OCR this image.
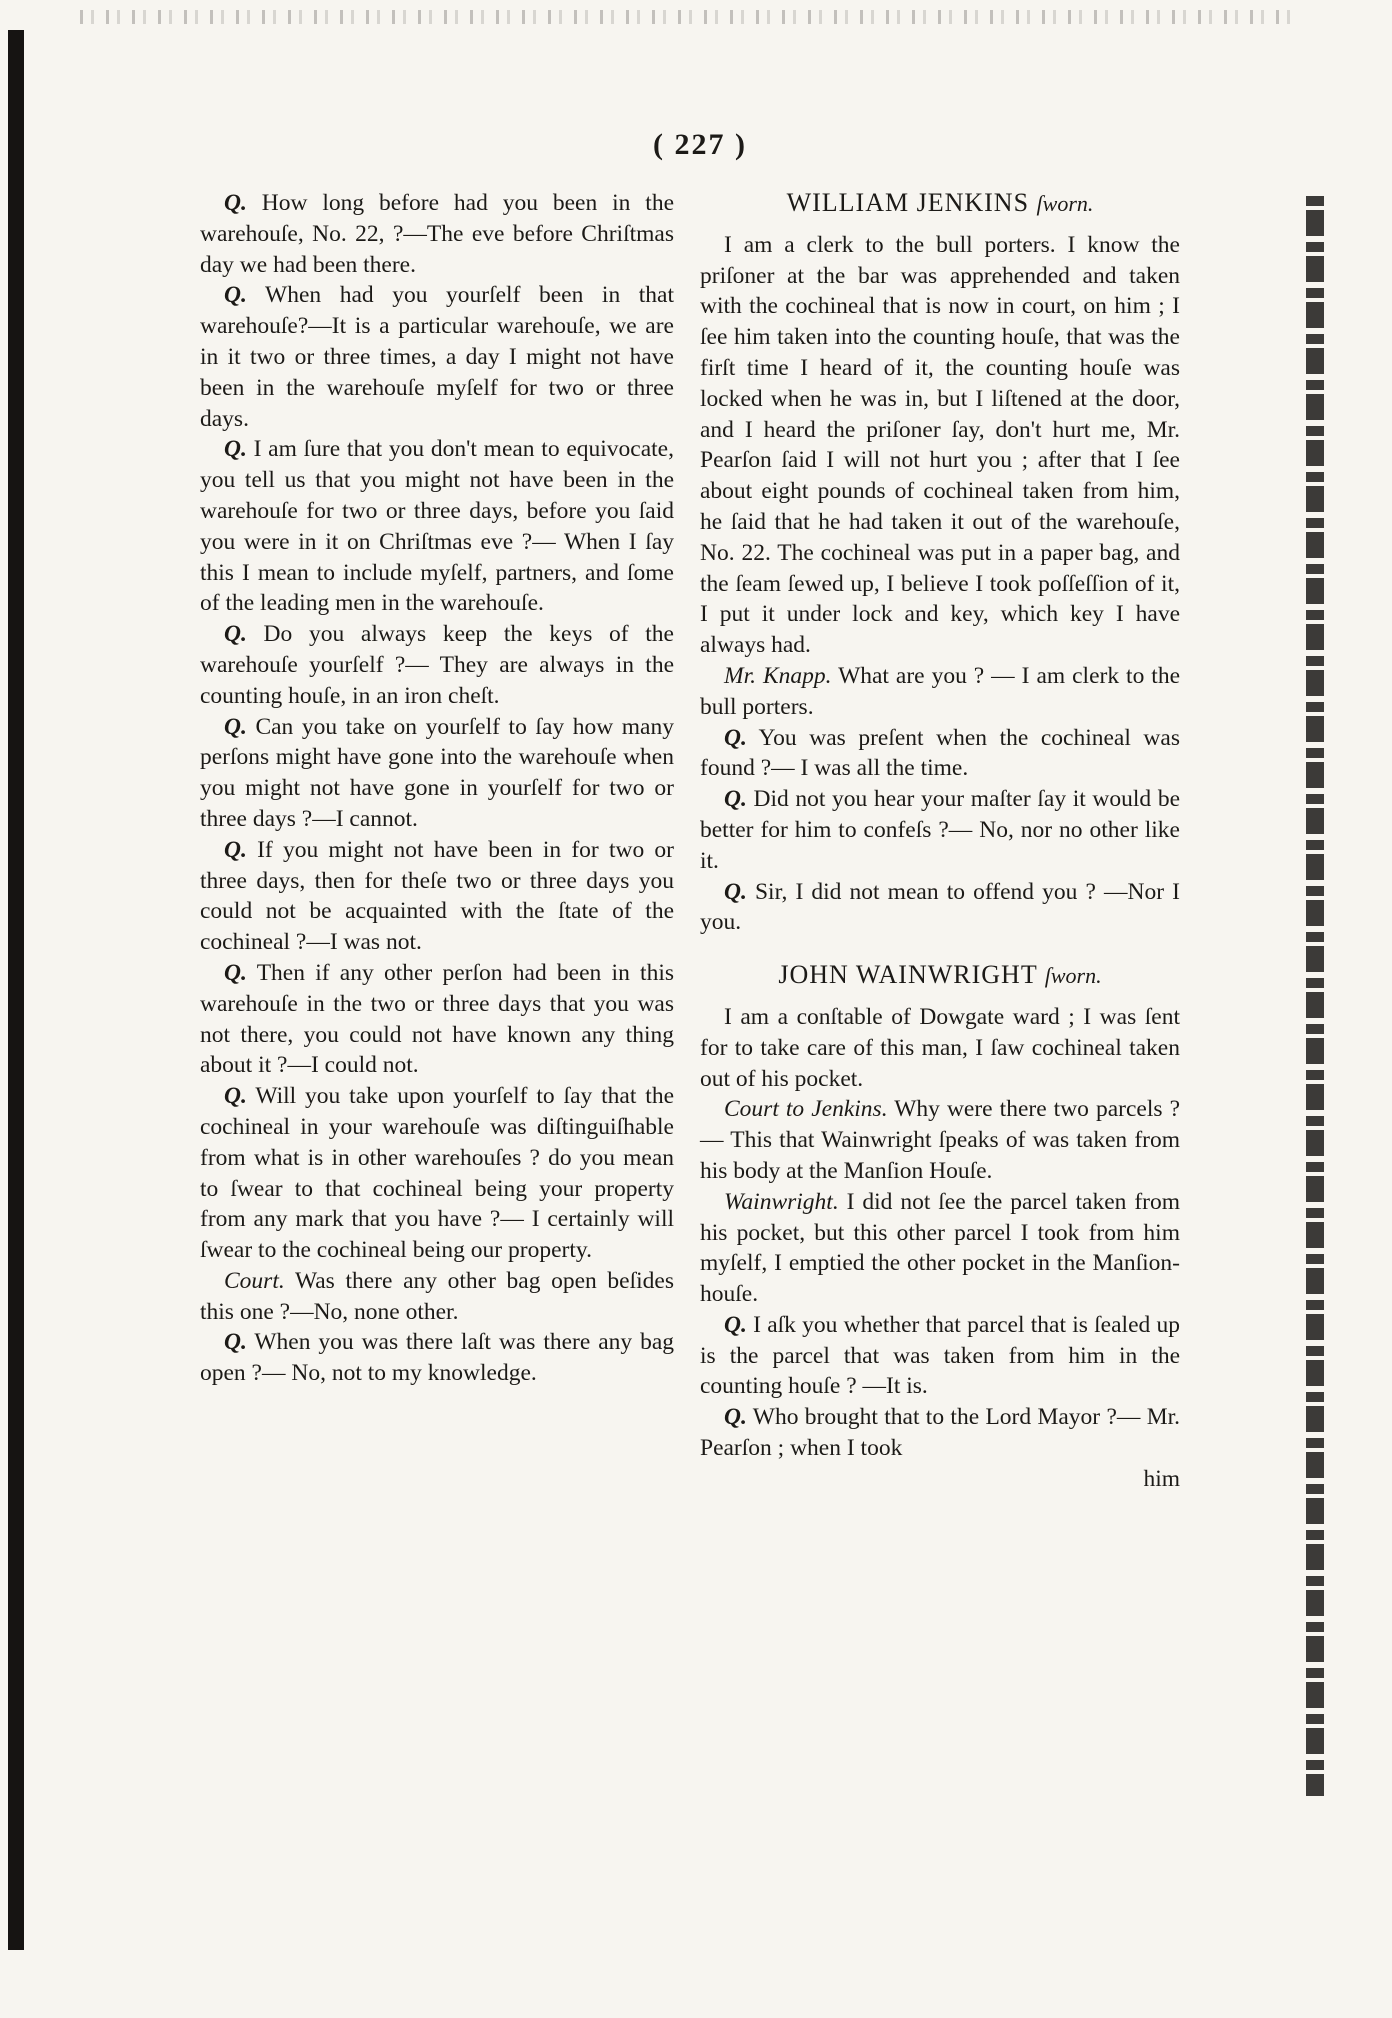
( 227 )

Q. How long before had you been in the warehouſe, No. 22, ?—The eve before Chriſtmas day we had been there.

Q. When had you yourſelf been in that warehouſe?—It is a particular warehouſe, we are in it two or three times, a day I might not have been in the warehouſe myſelf for two or three days.

Q. I am ſure that you don't mean to equivocate, you tell us that you might not have been in the warehouſe for two or three days, before you ſaid you were in it on Chriſtmas eve ?— When I ſay this I mean to include myſelf, partners, and ſome of the leading men in the warehouſe.

Q. Do you always keep the keys of the warehouſe yourſelf ?— They are always in the counting houſe, in an iron cheſt.

Q. Can you take on yourſelf to ſay how many perſons might have gone into the warehouſe when you might not have gone in yourſelf for two or three days ?—I cannot.

Q. If you might not have been in for two or three days, then for theſe two or three days you could not be acquainted with the ſtate of the cochineal ?—I was not.

Q. Then if any other perſon had been in this warehouſe in the two or three days that you was not there, you could not have known any thing about it ?—I could not.

Q. Will you take upon yourſelf to ſay that the cochineal in your warehouſe was diſtinguiſhable from what is in other warehouſes ? do you mean to ſwear to that cochineal being your property from any mark that you have ?— I certainly will ſwear to the cochineal being our property.

Court. Was there any other bag open beſides this one ?—No, none other.

Q. When you was there laſt was there any bag open ?— No, not to my knowledge.

WILLIAM JENKINS ſworn.

I am a clerk to the bull porters. I know the priſoner at the bar was apprehended and taken with the cochineal that is now in court, on him ; I ſee him taken into the counting houſe, that was the firſt time I heard of it, the counting houſe was locked when he was in, but I liſtened at the door, and I heard the priſoner ſay, don't hurt me, Mr. Pearſon ſaid I will not hurt you ; after that I ſee about eight pounds of cochineal taken from him, he ſaid that he had taken it out of the warehouſe, No. 22. The cochineal was put in a paper bag, and the ſeam ſewed up, I believe I took poſſeſſion of it, I put it under lock and key, which key I have always had.

Mr. Knapp. What are you ? — I am clerk to the bull porters.

Q. You was preſent when the cochineal was found ?— I was all the time.

Q. Did not you hear your maſter ſay it would be better for him to confeſs ?— No, nor no other like it.

Q. Sir, I did not mean to offend you ? —Nor I you.

JOHN WAINWRIGHT ſworn.

I am a conſtable of Dowgate ward ; I was ſent for to take care of this man, I ſaw cochineal taken out of his pocket.

Court to Jenkins. Why were there two parcels ?— This that Wainwright ſpeaks of was taken from his body at the Manſion Houſe.

Wainwright. I did not ſee the parcel taken from his pocket, but this other parcel I took from him myſelf, I emptied the other pocket in the Manſion-houſe.

Q. I aſk you whether that parcel that is ſealed up is the parcel that was taken from him in the counting houſe ? —It is.

Q. Who brought that to the Lord Mayor ?— Mr. Pearſon ; when I took

him
